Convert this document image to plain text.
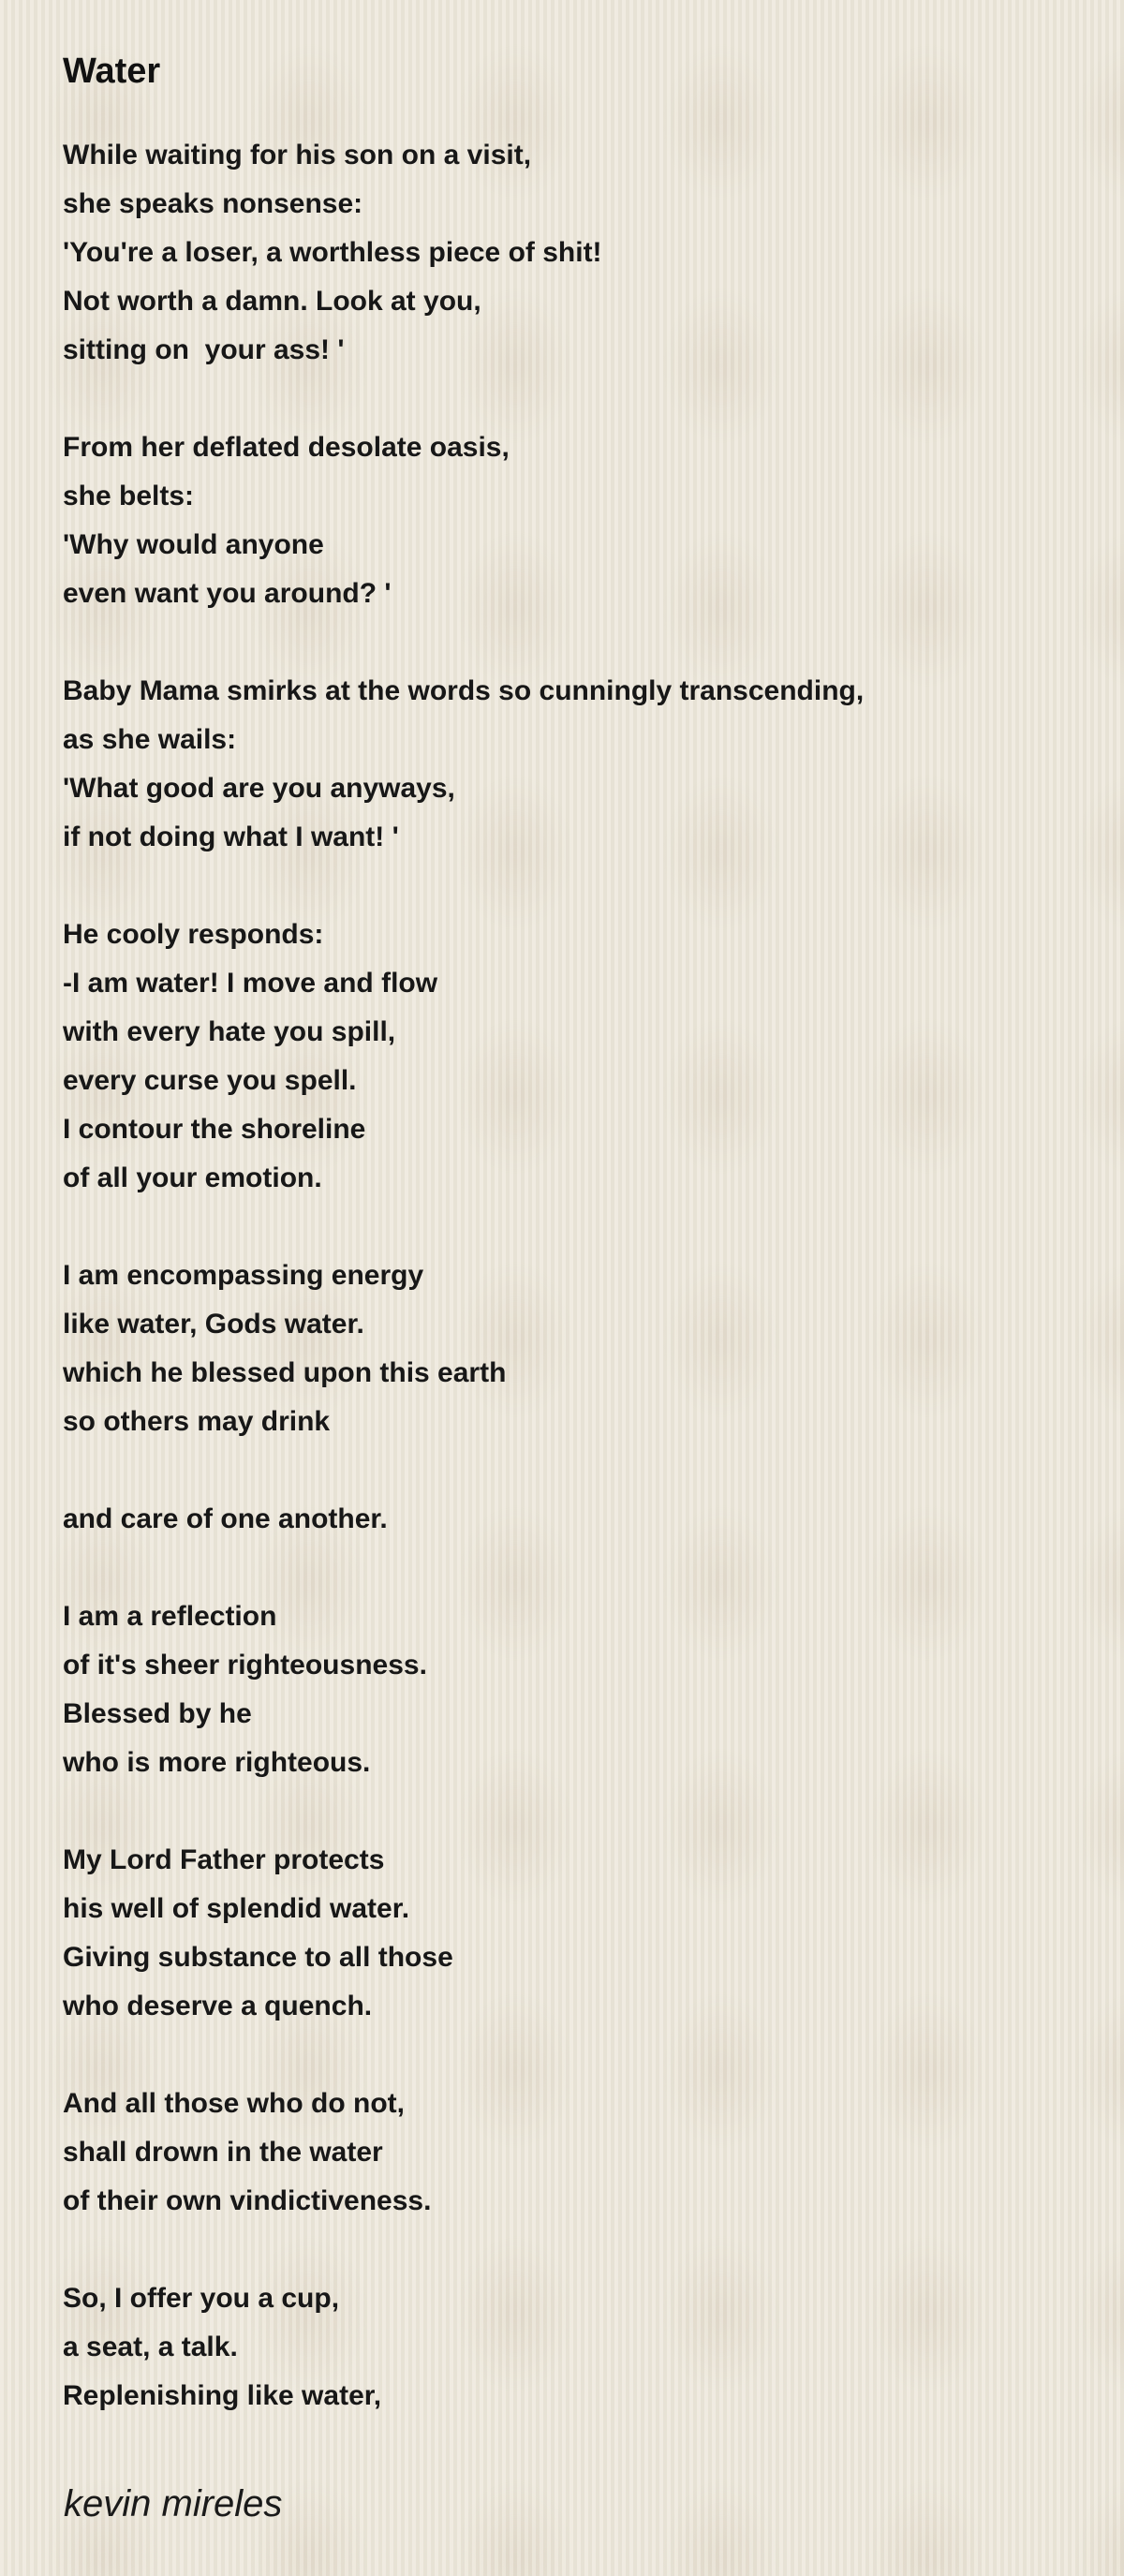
Water
While waiting for his son on a visit,
she speaks nonsense:
'You're a loser, a worthless piece of shit!
Not worth a damn. Look at you,
sitting on  your ass! '
From her deflated desolate oasis,
she belts:
'Why would anyone
even want you around? '
Baby Mama smirks at the words so cunningly transcending,
as she wails:
'What good are you anyways,
if not doing what I want! '
He cooly responds:
-I am water! I move and flow
with every hate you spill,
every curse you spell.
I contour the shoreline
of all your emotion.
I am encompassing energy
like water, Gods water.
which he blessed upon this earth
so others may drink
and care of one another.
I am a reflection
of it's sheer righteousness.
Blessed by he
who is more righteous.
My Lord Father protects
his well of splendid water.
Giving substance to all those
who deserve a quench.
And all those who do not,
shall drown in the water
of their own vindictiveness.
So, I offer you a cup,
a seat, a talk.
Replenishing like water,
kevin mireles
